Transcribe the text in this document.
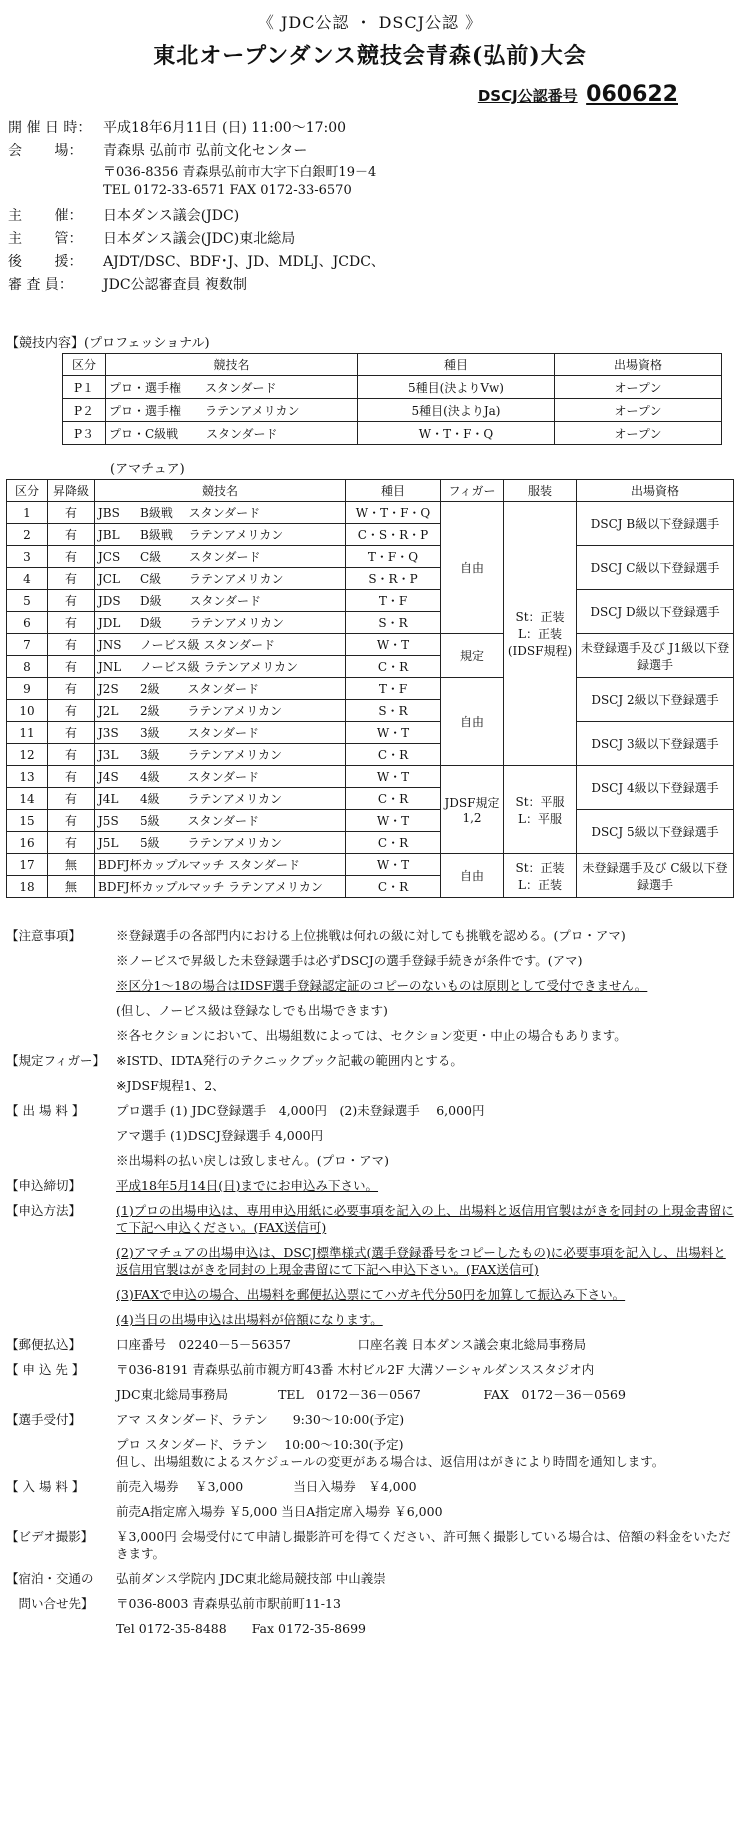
《 JDC公認 ・ DSCJ公認 》
東北オープンダンス競技会青森(弘前)大会
DSCJ公認番号 060622
開 催 日 時： 平成18年6月11日 (日) 11:00〜17:00
会　　 場：	青森県 弘前市 弘前文化センター
〒036-8356 青森県弘前市大字下白銀町19－4
TEL 0172-33-6571 FAX 0172-33-6570
主　　 催：	日本ダンス議会(JDC)
主　　 管：	日本ダンス議会(JDC)東北総局
後　　 援：	AJDT/DSC、BDF･J、JD、MDLJ、JCDC、
審 査 員：	JDC公認審査員 複数制
【競技内容】(プロフェッショナル)
区分	競技名	種目	出場資格
P１	プロ・選手権　　スタンダード	5種目(決よりVw)	オープン
P２	プロ・選手権　　ラテンアメリカン	5種目(決よりJa)	オープン
P３	プロ・C級戦　　 スタンダード	W・T・F・Q	オープン
(アマチュア)
区分	昇降級	競技名	種目	フィガー	服装	出場資格
1	有	JBS B級戦　 スタンダード	W・T・F・Q	自由	St：正装 L：正装 (IDSF規程)	DSCJ B級以下登録選手
2	有	JBL B級戦　 ラテンアメリカン	C・S・R・P			
3	有	JCS C級　　 スタンダード	T・F・Q			DSCJ C級以下登録選手
4	有	JCL C級　　 ラテンアメリカン	S・R・P			
5	有	JDS D級　　 スタンダード	T・F			DSCJ D級以下登録選手
6	有	JDL D級　　 ラテンアメリカン	S・R			
7	有	JNS ノービス級 スタンダード	W・T	規定		未登録選手及び J1級以下登録選手
8	有	JNL ノービス級 ラテンアメリカン	C・R			
9	有	J2S 2級　　 スタンダード	T・F	自由		DSCJ 2級以下登録選手
10	有	J2L 2級　　 ラテンアメリカン	S・R			
11	有	J3S 3級　　 スタンダード	W・T			DSCJ 3級以下登録選手
12	有	J3L 3級　　 ラテンアメリカン	C・R			
13	有	J4S 4級　　 スタンダード	W・T	JDSF規定 1,2	St：平服 L：平服	DSCJ 4級以下登録選手
14	有	J4L 4級　　 ラテンアメリカン	C・R			
15	有	J5S 5級　　 スタンダード	W・T			DSCJ 5級以下登録選手
16	有	J5L 5級　　 ラテンアメリカン	C・R			
17	無	BDFJ杯カップルマッチ スタンダード	W・T	自由	St：正装 L：正装	未登録選手及び C級以下登録選手
18	無	BDFJ杯カップルマッチ ラテンアメリカン	C・R			
【注意事項】	※登録選手の各部門内における上位挑戦は何れの級に対しても挑戦を認める。(プロ・アマ)
※ノービスで昇級した未登録選手は必ずDSCJの選手登録手続きが条件です。(アマ)
※区分1〜18の場合はIDSF選手登録認定証のコピーのないものは原則として受付できません。
(但し、ノービス級は登録なしでも出場できます)
※各セクションにおいて、出場組数によっては、セクション変更・中止の場合もあります。
【規定フィガー】 ※ISTD、IDTA発行のテクニックブック記載の範囲内とする。
※JDSF規程1、2、
【 出 場 料 】	プロ選手 (1) JDC登録選手　4,000円　(2)未登録選手　 6,000円
アマ選手 (1)DSCJ登録選手 4,000円
※出場料の払い戻しは致しません。(プロ・アマ)
【申込締切】	平成18年5月14日(日)までにお申込み下さい。
【申込方法】	(1)プロの出場申込は、専用申込用紙に必要事項を記入の上、出場料と返信用官製はがきを同封の上現金書留にて下記へ申込ください。(FAX送信可)
(2)アマチュアの出場申込は、DSCJ標準様式(選手登録番号をコピーしたもの)に必要事項を記入し、出場料と返信用官製はがきを同封の上現金書留にて下記へ申込下さい。(FAX送信可)
(3)FAXで申込の場合、出場料を郵便払込票にてハガキ代分50円を加算して振込み下さい。
(4)当日の出場申込は出場料が倍額になります。
【郵便払込】	口座番号　02240－5－56357　　　　　 口座名義 日本ダンス議会東北総局事務局
【 申 込 先 】	〒036-8191 青森県弘前市親方町43番 木村ビル2F 大溝ソーシャルダンススタジオ内
JDC東北総局事務局　　　　TEL　0172－36－0567　　　　　FAX　0172－36－0569
【選手受付】	アマ スタンダード、ラテン　　9:30〜10:00(予定)
プロ スタンダード、ラテン　 10:00〜10:30(予定)
但し、出場組数によるスケジュールの変更がある場合は、返信用はがきにより時間を通知します。
【 入 場 料 】	前売入場券　 ￥3,000　　　　当日入場券　￥4,000
前売A指定席入場券 ￥5,000 当日A指定席入場券 ￥6,000
【ビデオ撮影】	￥3,000円 会場受付にて申請し撮影許可を得てください、許可無く撮影している場合は、倍額の料金をいただきます。
【宿泊・交通の	弘前ダンス学院内 JDC東北総局競技部 中山義崇
　問い合せ先】	〒036-8003 青森県弘前市駅前町11-13
Tel 0172-35-8488　　Fax 0172-35-8699
